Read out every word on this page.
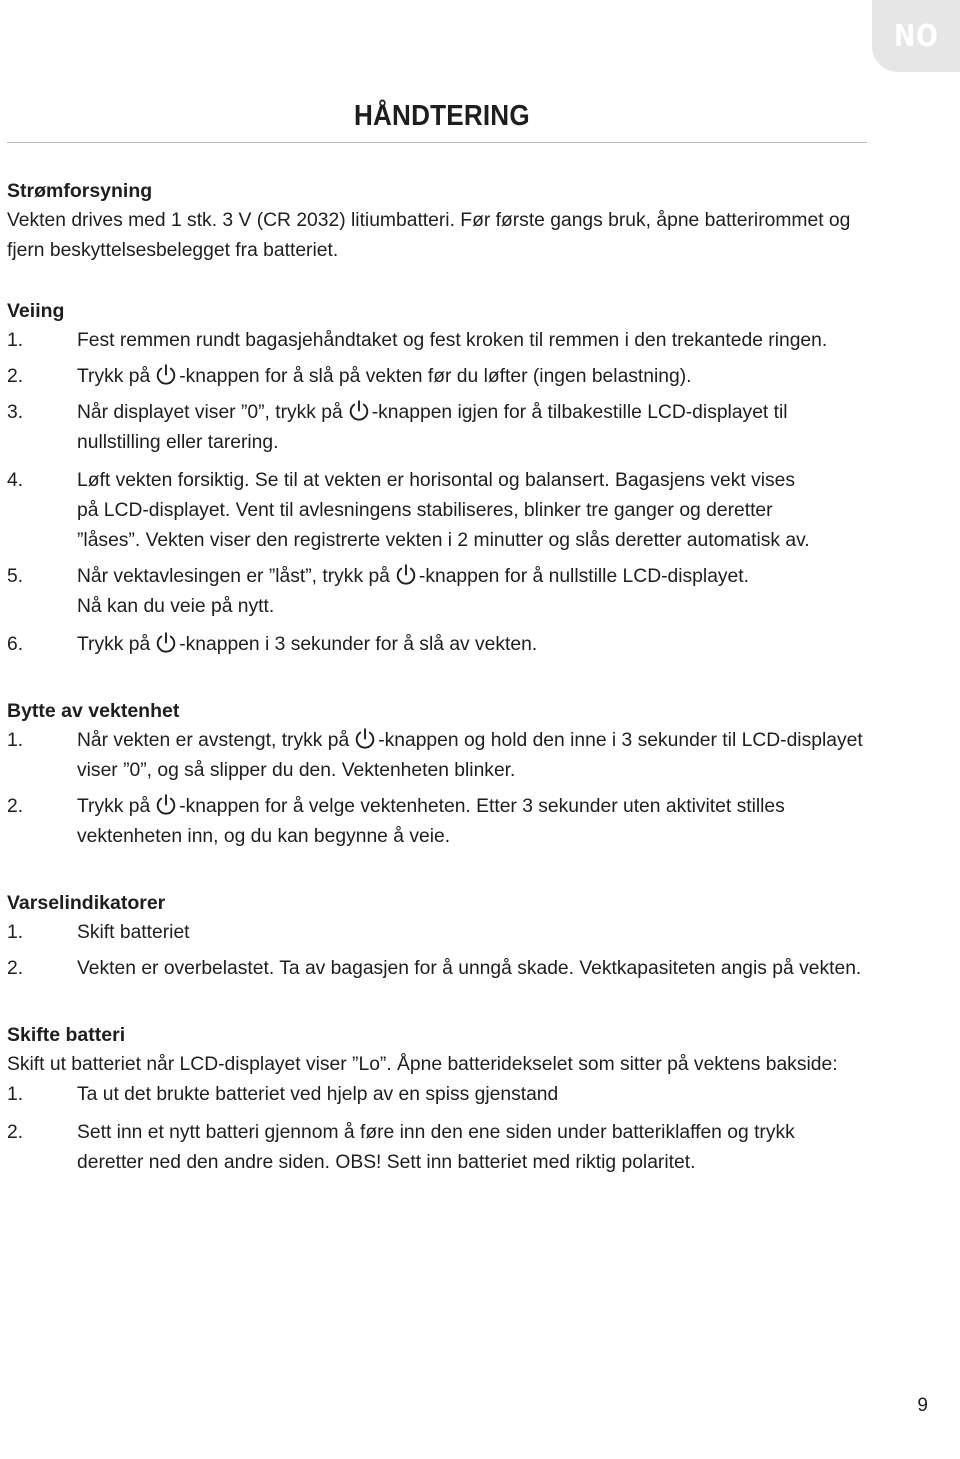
NO
HÅNDTERING
Strømforsyning

Vekten drives med 1 stk. 3 V (CR 2032) litiumbatteri. Før første gangs bruk, åpne batterirommet og fjern beskyttelsesbelegget fra batteriet.

Veiing
1.	Fest remmen rundt bagasjehåndtaket og fest kroken til remmen i den trekantede ringen.
2.	Trykk på -knappen for å slå på vekten før du løfter (ingen belastning).
3.	Når displayet viser ”0”, trykk på -knappen igjen for å tilbakestille LCD-displayet til nullstilling eller tarering.
4.	Løft vekten forsiktig. Se til at vekten er horisontal og balansert. Bagasjens vekt vises på LCD-displayet. Vent til avlesningens stabiliseres, blinker tre ganger og deretter ”låses”. Vekten viser den registrerte vekten i 2 minutter og slås deretter automatisk av.
5.	Når vektavlesingen er ”låst”, trykk på -knappen for å nullstille LCD-displayet. Nå kan du veie på nytt.
6.	Trykk på -knappen i 3 sekunder for å slå av vekten.
Bytte av vektenhet
1.	Når vekten er avstengt, trykk på -knappen og hold den inne i 3 sekunder til LCD-displayet viser ”0”, og så slipper du den. Vektenheten blinker.
2.	Trykk på -knappen for å velge vektenheten. Etter 3 sekunder uten aktivitet stilles vektenheten inn, og du kan begynne å veie.
Varselindikatorer
1.	Skift batteriet
2.	Vekten er overbelastet. Ta av bagasjen for å unngå skade. Vektkapasiteten angis på vekten.
Skifte batteri

Skift ut batteriet når LCD-displayet viser ”Lo”. Åpne batteridekselet som sitter på vektens bakside:

1.	Ta ut det brukte batteriet ved hjelp av en spiss gjenstand
2.	Sett inn et nytt batteri gjennom å føre inn den ene siden under batteriklaffen og trykk deretter ned den andre siden. OBS! Sett inn batteriet med riktig polaritet.
9
